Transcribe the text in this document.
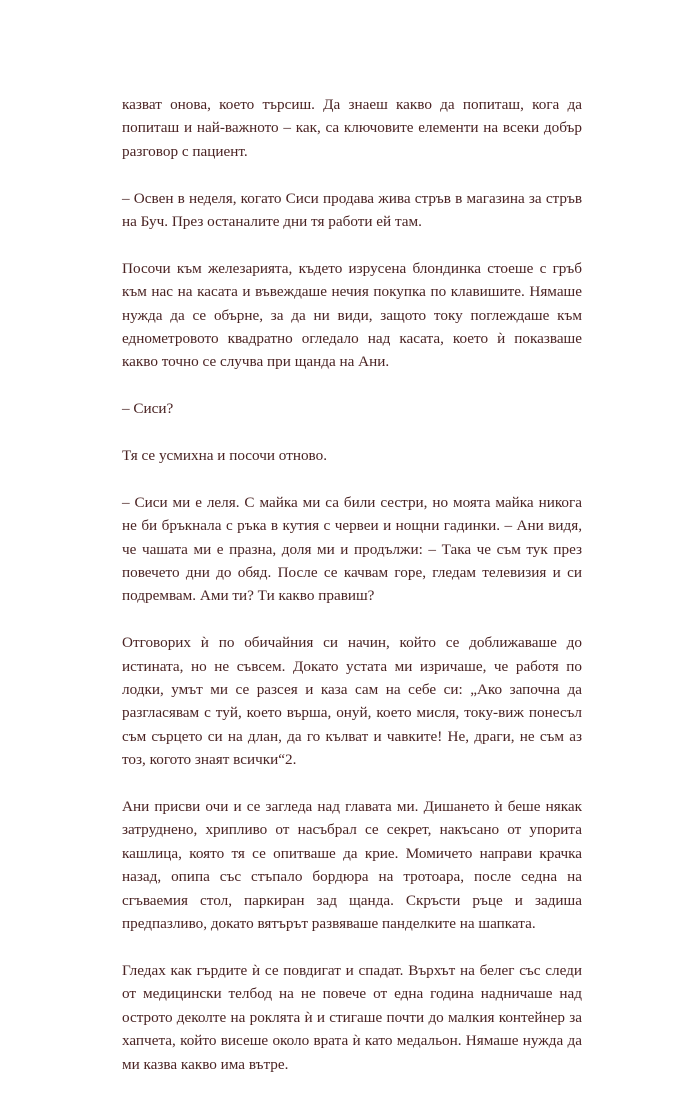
казват онова, което търсиш. Да знаеш какво да попиташ, кога да попиташ и най-важното – как, са ключовите елементи на всеки добър разговор с пациент.

– Освен в неделя, когато Сиси продава жива стръв в магазина за стръв на Буч. През останалите дни тя работи ей там.

Посочи към железарията, където изрусена блондинка стоеше с гръб към нас на касата и въвеждаше нечия покупка по клавишите. Нямаше нужда да се обърне, за да ни види, защото току поглеждаше към еднометровото квадратно огледало над касата, което ѝ показваше какво точно се случва при щанда на Ани.

– Сиси?

Тя се усмихна и посочи отново.

– Сиси ми е леля. С майка ми са били сестри, но моята майка никога не би бръкнала с ръка в кутия с червеи и нощни гадинки. – Ани видя, че чашата ми е празна, доля ми и продължи: – Така че съм тук през повечето дни до обяд. После се качвам горе, гледам телевизия и си подремвам. Ами ти? Ти какво правиш?

Отговорих ѝ по обичайния си начин, който се доближаваше до истината, но не съвсем. Докато устата ми изричаше, че работя по лодки, умът ми се разсея и каза сам на себе си: „Ако започна да разгласявам с туй, което върша, онуй, което мисля, току-виж понесъл съм сърцето си на длан, да го кълват и чавките! Не, драги, не съм аз тоз, когото знаят всички“2.

Ани присви очи и се загледа над главата ми. Дишането ѝ беше някак затруднено, хрипливо от насъбрал се секрет, накъсано от упорита кашлица, която тя се опитваше да крие. Момичето направи крачка назад, опипа със стъпало бордюра на тротоара, после седна на сгъваемия стол, паркиран зад щанда. Скръсти ръце и задиша предпазливо, докато вятърът развяваше панделките на шапката.

Гледах как гърдите ѝ се повдигат и спадат. Върхът на белег със следи от медицински телбод на не повече от една година надничаше над острото деколте на роклята ѝ и стигаше почти до малкия контейнер за хапчета, който висеше около врата ѝ като медальон. Нямаше нужда да ми казва какво има вътре.
